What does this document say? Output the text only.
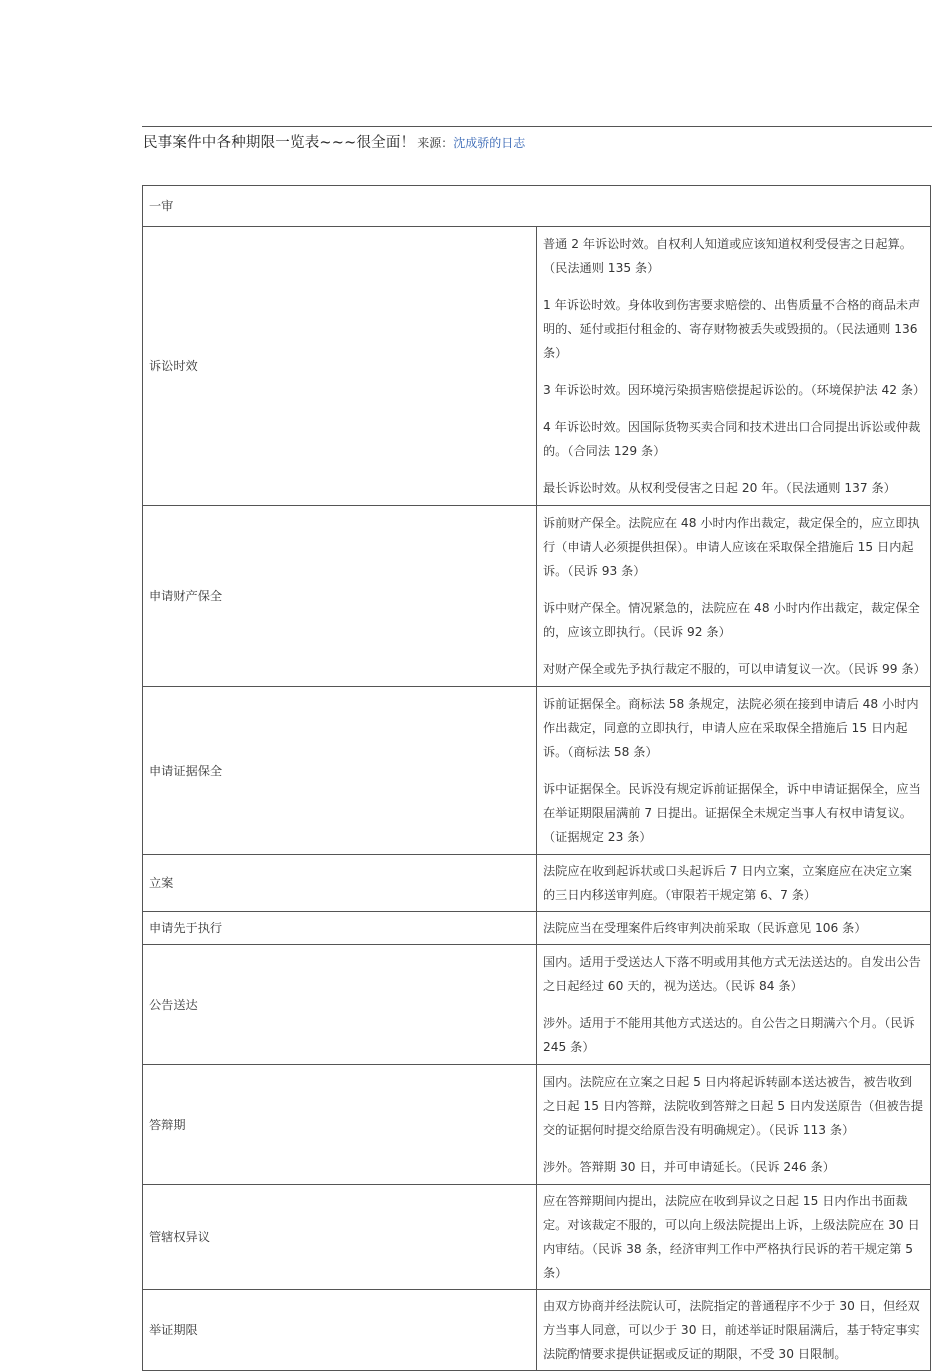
民事案件中各种期限一览表~~~很全面！ 来源：沈成骄的日志
一审	
诉讼时效	普通 2 年诉讼时效。自权利人知道或应该知道权利受侵害之日起算。（民法通则 135 条）

1 年诉讼时效。身体收到伤害要求赔偿的、出售质量不合格的商品未声明的、延付或拒付租金的、寄存财物被丢失或毁损的。（民法通则 136 条）

3 年诉讼时效。因环境污染损害赔偿提起诉讼的。（环境保护法 42 条）

4 年诉讼时效。因国际货物买卖合同和技术进出口合同提出诉讼或仲裁的。（合同法 129 条）

最长诉讼时效。从权利受侵害之日起 20 年。（民法通则 137 条）

申请财产保全	诉前财产保全。法院应在 48 小时内作出裁定，裁定保全的，应立即执行（申请人必须提供担保）。申请人应该在采取保全措施后 15 日内起诉。（民诉 93 条）

诉中财产保全。情况紧急的，法院应在 48 小时内作出裁定，裁定保全的，应该立即执行。（民诉 92 条）

对财产保全或先予执行裁定不服的，可以申请复议一次。（民诉 99 条）

申请证据保全	诉前证据保全。商标法 58 条规定，法院必须在接到申请后 48 小时内作出裁定，同意的立即执行，申请人应在采取保全措施后 15 日内起诉。（商标法 58 条）

诉中证据保全。民诉没有规定诉前证据保全，诉中申请证据保全，应当在举证期限届满前 7 日提出。证据保全未规定当事人有权申请复议。（证据规定 23 条）

立案	法院应在收到起诉状或口头起诉后 7 日内立案，立案庭应在决定立案的三日内移送审判庭。（审限若干规定第 6、7 条）

申请先于执行	法院应当在受理案件后终审判决前采取（民诉意见 106 条）

公告送达	国内。适用于受送达人下落不明或用其他方式无法送达的。自发出公告之日起经过 60 天的，视为送达。（民诉 84 条）

涉外。适用于不能用其他方式送达的。自公告之日期满六个月。（民诉 245 条）

答辩期	国内。法院应在立案之日起 5 日内将起诉转副本送达被告，被告收到之日起 15 日内答辩，法院收到答辩之日起 5 日内发送原告（但被告提交的证据何时提交给原告没有明确规定）。（民诉 113 条）

涉外。答辩期 30 日，并可申请延长。（民诉 246 条）

管辖权异议	应在答辩期间内提出，法院应在收到异议之日起 15 日内作出书面裁定。对该裁定不服的，可以向上级法院提出上诉，上级法院应在 30 日内审结。（民诉 38 条，经济审判工作中严格执行民诉的若干规定第 5 条）

举证期限	由双方协商并经法院认可，法院指定的普通程序不少于 30 日，但经双方当事人同意，可以少于 30 日，前述举证时限届满后，基于特定事实法院酌情要求提供证据或反证的期限，不受 30 日限制。
